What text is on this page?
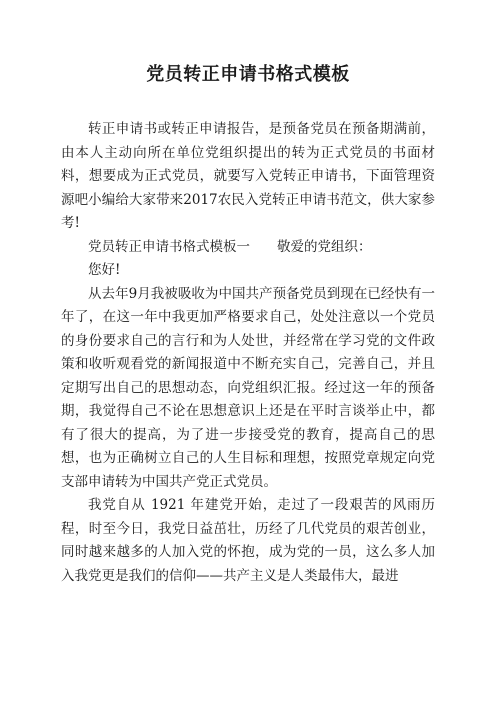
党员转正申请书格式模板

转正申请书或转正申请报告，是预备党员在预备期满前，由本人主动向所在单位党组织提出的转为正式党员的书面材料，想要成为正式党员，就要写入党转正申请书，下面管理资源吧小编给大家带来2017农民入党转正申请书范文，供大家参考!

党员转正申请书格式模板一　　敬爱的党组织：

您好!

从去年9月我被吸收为中国共产预备党员到现在已经快有一年了，在这一年中我更加严格要求自己，处处注意以一个党员的身份要求自己的言行和为人处世，并经常在学习党的文件政策和收听观看党的新闻报道中不断充实自己，完善自己，并且定期写出自己的思想动态，向党组织汇报。经过这一年的预备期，我觉得自己不论在思想意识上还是在平时言谈举止中，都有了很大的提高，为了进一步接受党的教育，提高自己的思想，也为正确树立自己的人生目标和理想，按照党章规定向党支部申请转为中国共产党正式党员。

我党自从 1921 年建党开始，走过了一段艰苦的风雨历程，时至今日，我党日益茁壮，历经了几代党员的艰苦创业，同时越来越多的人加入党的怀抱，成为党的一员，这么多人加入我党更是我们的信仰——共产主义是人类最伟大，最进
